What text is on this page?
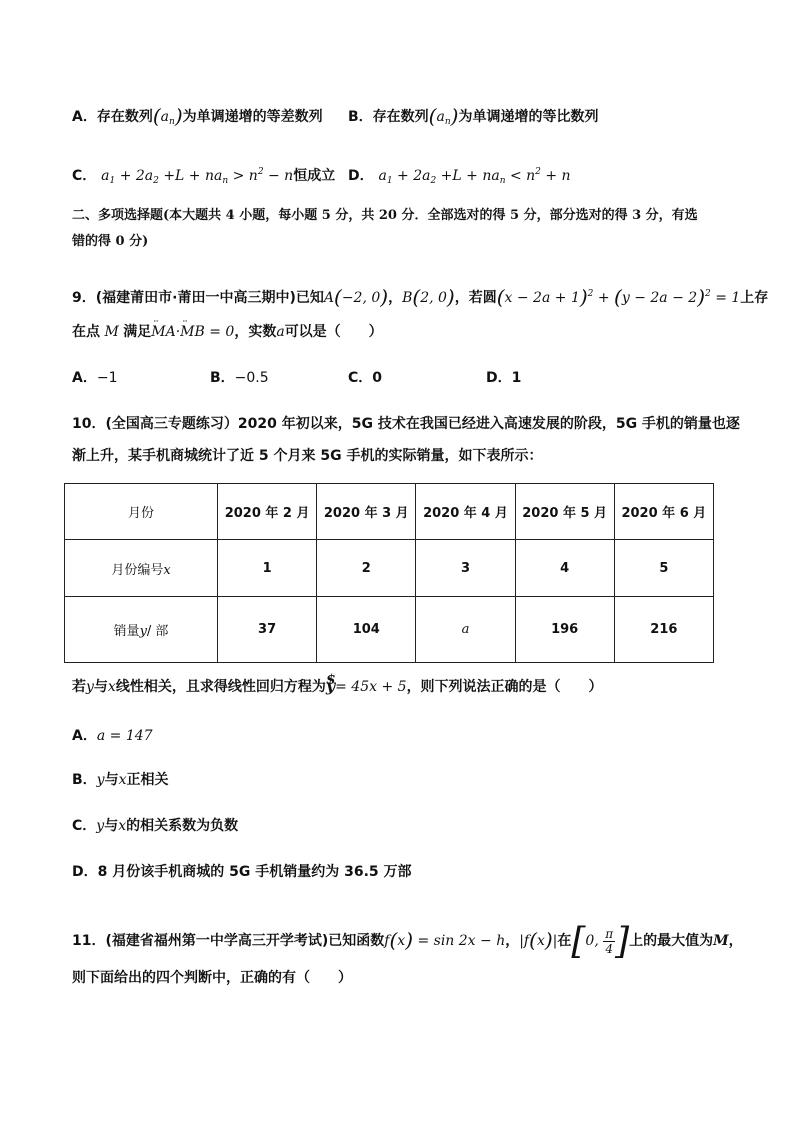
A．存在数列$(a_n)$为单调递增的等差数列 B．存在数列$(a_n)$为单调递增的等比数列
C． $a_1 + 2a_2 +L + na_n > n^2 - n$恒成立 D． $a_1 + 2a_2 +L + na_n < n^2 + n$
二、多项选择题(本大题共 4 小题，每小题 5 分，共 20 分．全部选对的得 5 分，部分选对的得 3 分，有选
错的得 0 分)
9．(福建莆田市·莆田一中高三期中)已知A(−2, 0)，B(2, 0)，若圆$(x - 2a + 1)^2 + (y - 2a - 2)^2 = 1$上存
在点 M 满足··· MA···· MB = 0，实数a可以是（　　）
A．−1	B．−0.5	C．0	D．1
10．(全国高三专题练习）2020 年初以来，5G 技术在我国已经进入高速发展的阶段，5G 手机的销量也逐
渐上升，某手机商城统计了近 5 个月来 5G 手机的实际销量，如下表所示：
月份	2020 年 2 月	2020 年 3 月	2020 年 4 月	2020 年 5 月	2020 年 6 月
月份编号x	1	2	3	4	5
销量y/ 部	37	104	a	196	216
若y与x线性相关，且求得线性回归方程为$ y= 45x + 5，则下列说法正确的是（　　）
A．a = 147
B．y与x正相关
C．y与x的相关系数为负数
D．8 月份该手机商城的 5G 手机销量约为 36.5 万部
11．(福建省福州第一中学高三开学考试)已知函数f(x) = sin 2x − h，|f(x)|在[0, $\frac{\pi}{4}$ ]上的最大值为M，
则下面给出的四个判断中，正确的有（　　）
